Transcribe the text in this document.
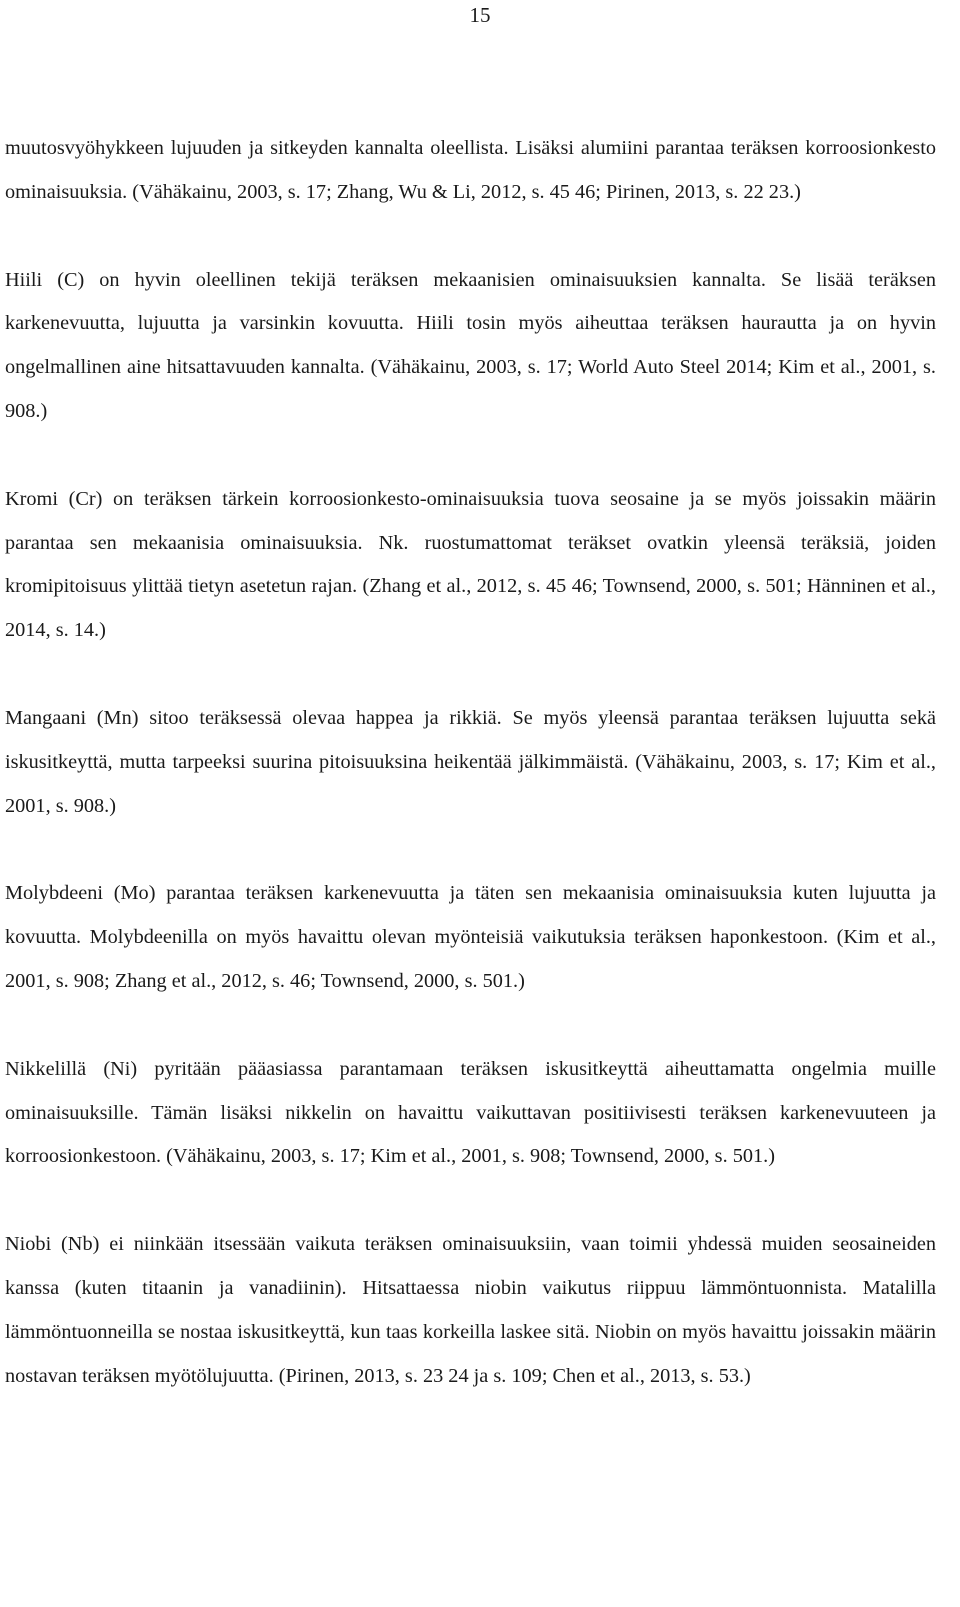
15

muutosvyöhykkeen lujuuden ja sitkeyden kannalta oleellista. Lisäksi alumiini parantaa teräksen korroosionkesto ominaisuuksia. (Vähäkainu, 2003, s. 17; Zhang, Wu & Li, 2012, s. 45 46; Pirinen, 2013, s. 22 23.)

Hiili (C) on hyvin oleellinen tekijä teräksen mekaanisien ominaisuuksien kannalta. Se lisää teräksen karkenevuutta, lujuutta ja varsinkin kovuutta. Hiili tosin myös aiheuttaa teräksen haurautta ja on hyvin ongelmallinen aine hitsattavuuden kannalta. (Vähäkainu, 2003, s. 17; World Auto Steel 2014; Kim et al., 2001, s. 908.)

Kromi (Cr) on teräksen tärkein korroosionkesto-ominaisuuksia tuova seosaine ja se myös joissakin määrin parantaa sen mekaanisia ominaisuuksia. Nk. ruostumattomat teräkset ovatkin yleensä teräksiä, joiden kromipitoisuus ylittää tietyn asetetun rajan. (Zhang et al., 2012, s. 45 46; Townsend, 2000, s. 501; Hänninen et al., 2014, s. 14.)

Mangaani (Mn) sitoo teräksessä olevaa happea ja rikkiä. Se myös yleensä parantaa teräksen lujuutta sekä iskusitkeyttä, mutta tarpeeksi suurina pitoisuuksina heikentää jälkimmäistä. (Vähäkainu, 2003, s. 17; Kim et al., 2001, s. 908.)

Molybdeeni (Mo) parantaa teräksen karkenevuutta ja täten sen mekaanisia ominaisuuksia kuten lujuutta ja kovuutta. Molybdeenilla on myös havaittu olevan myönteisiä vaikutuksia teräksen haponkestoon. (Kim et al., 2001, s. 908; Zhang et al., 2012, s. 46; Townsend, 2000, s. 501.)

Nikkelillä (Ni) pyritään pääasiassa parantamaan teräksen iskusitkeyttä aiheuttamatta ongelmia muille ominaisuuksille. Tämän lisäksi nikkelin on havaittu vaikuttavan positiivisesti teräksen karkenevuuteen ja korroosionkestoon. (Vähäkainu, 2003, s. 17; Kim et al., 2001, s. 908; Townsend, 2000, s. 501.)

Niobi (Nb) ei niinkään itsessään vaikuta teräksen ominaisuuksiin, vaan toimii yhdessä muiden seosaineiden kanssa (kuten titaanin ja vanadiinin). Hitsattaessa niobin vaikutus riippuu lämmöntuonnista. Matalilla lämmöntuonneilla se nostaa iskusitkeyttä, kun taas korkeilla laskee sitä. Niobin on myös havaittu joissakin määrin nostavan teräksen myötölujuutta. (Pirinen, 2013, s. 23 24 ja s. 109; Chen et al., 2013, s. 53.)
